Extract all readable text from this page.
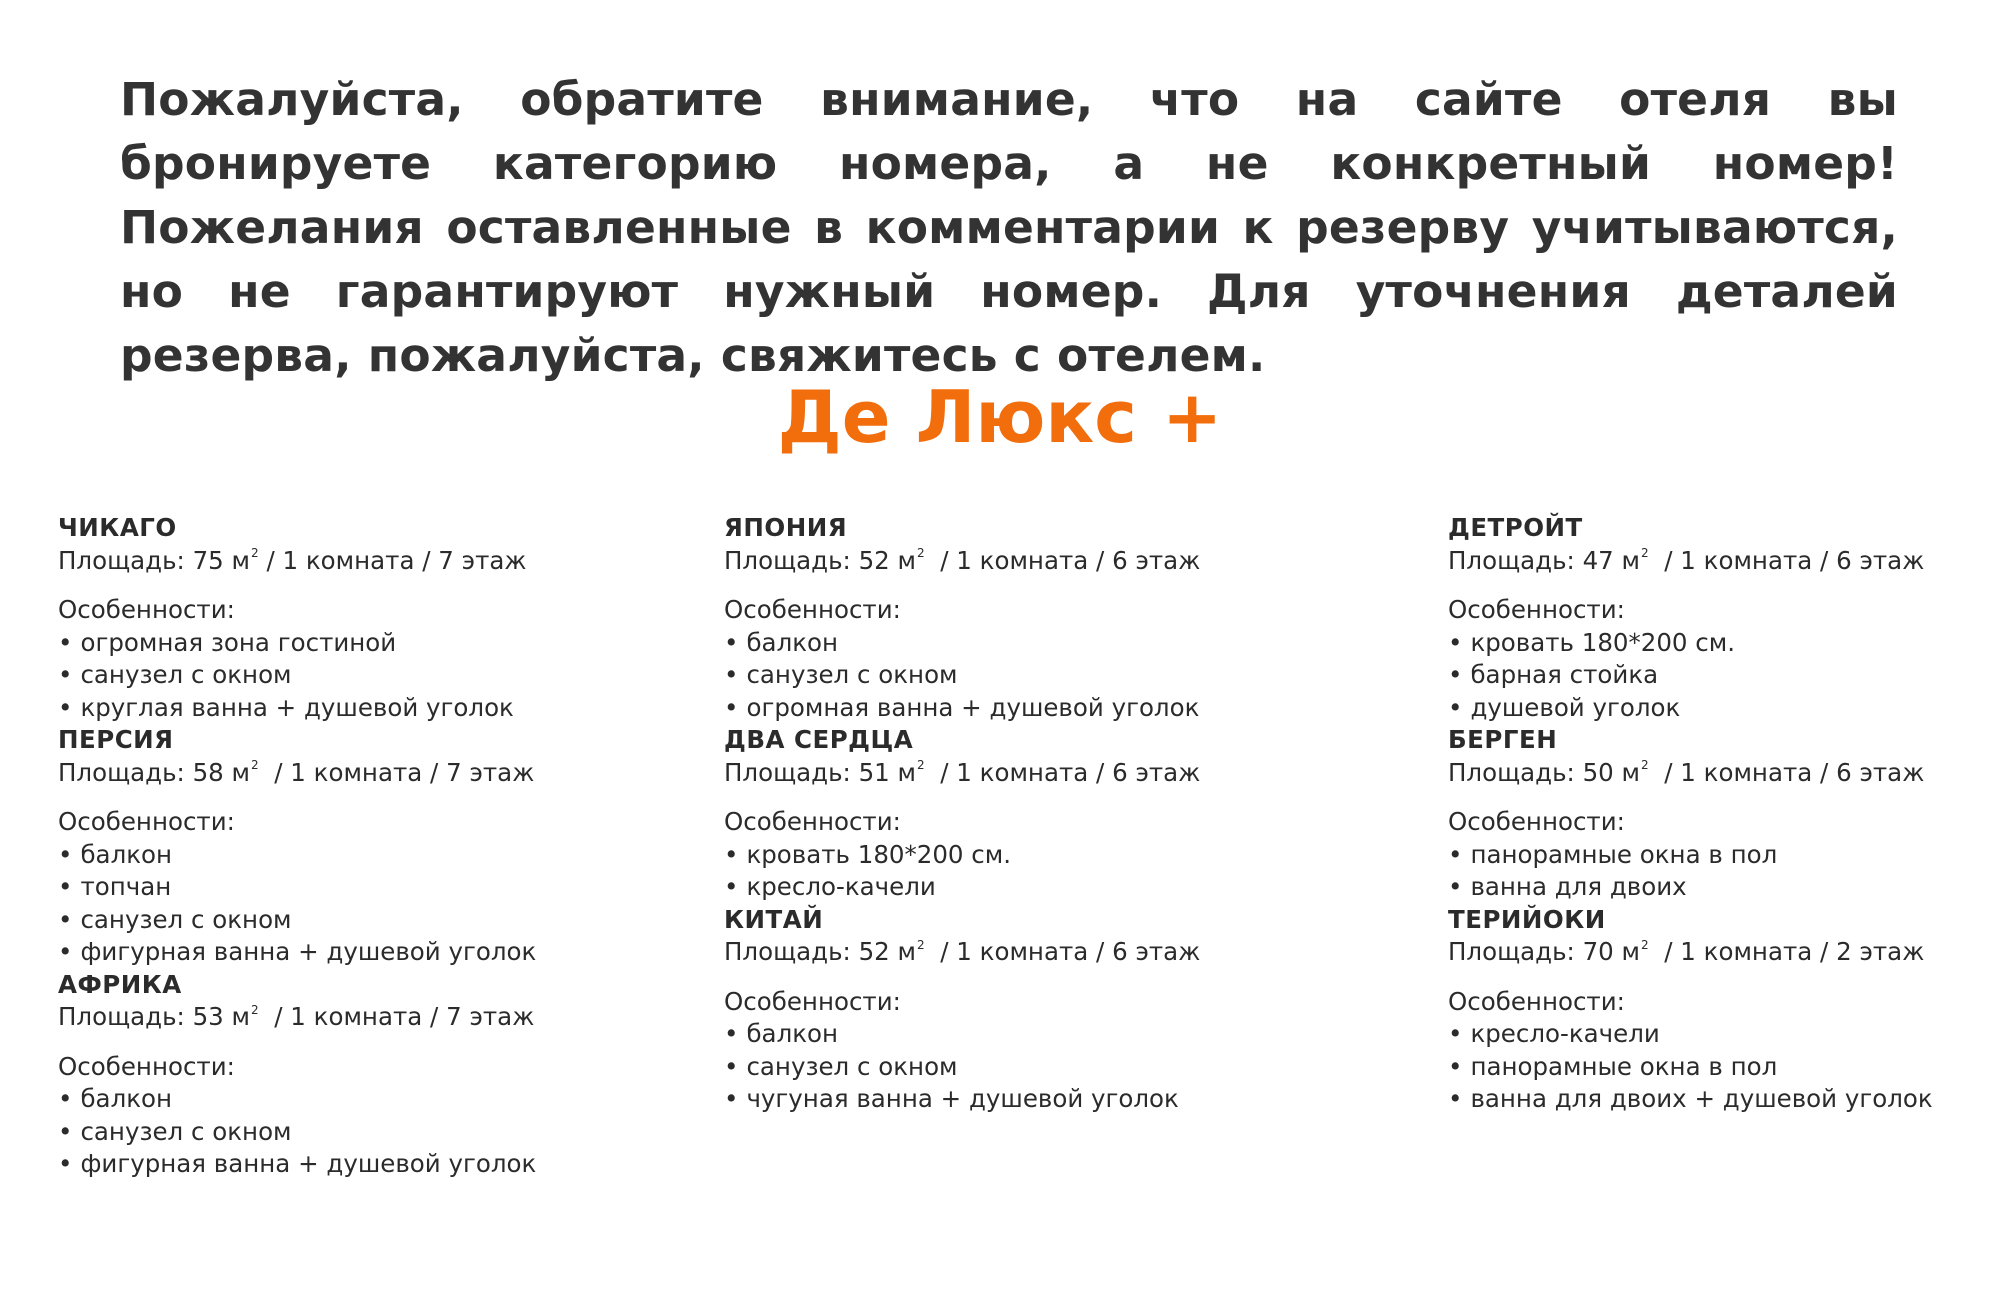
Пожалуйста, обратите внимание, что на сайте отеля вы бронируете категорию номера, а не конкретный номер! Пожелания оставленные в комментарии к резерву учитываются, но не гарантируют нужный номер. Для уточнения деталей резерва, пожалуйста, свяжитесь с отелем.
Де Люкс +
ЧИКАГО
Площадь: 75 $м^2 / 1$ комната / 7 этаж
Особенности:
• огромная зона гостиной
• санузел с окном
• круглая ванна + душевой уголок
ПЕРСИЯ
Площадь: 58 $м^2 / 1$ комната / 7 этаж
Особенности:
• балкон
• топчан
• санузел с окном
• фигурная ванна + душевой уголок
АФРИКА
Площадь: 53 $м^2 / 1$ комната / 7 этаж
Особенности:
• балкон
• санузел с окном
• фигурная ванна + душевой уголок
ЯПОНИЯ
Площадь: 52 $м^2 / 1$ комната / 6 этаж
Особенности:
• балкон
• санузел с окном
• огромная ванна + душевой уголок
ДВА СЕРДЦА
Площадь: 51 $м^2 / 1$ комната / 6 этаж
Особенности:
• кровать 180*200 см.
• кресло-качели
КИТАЙ
Площадь: 52 $м^2 / 1$ комната / 6 этаж
Особенности:
• балкон
• санузел с окном
• чугуная ванна + душевой уголок
ДЕТРОЙТ
Площадь: 47 $м^2 / 1$ комната / 6 этаж
Особенности:
• кровать 180*200 см.
• барная стойка
• душевой уголок
БЕРГЕН
Площадь: 50 $м^2 / 1$ комната / 6 этаж
Особенности:
• панорамные окна в пол
• ванна для двоих
ТЕРИЙОКИ
Площадь: 70 $м^2 / 1$ комната / 2 этаж
Особенности:
• кресло-качели
• панорамные окна в пол
• ванна для двоих + душевой уголок
